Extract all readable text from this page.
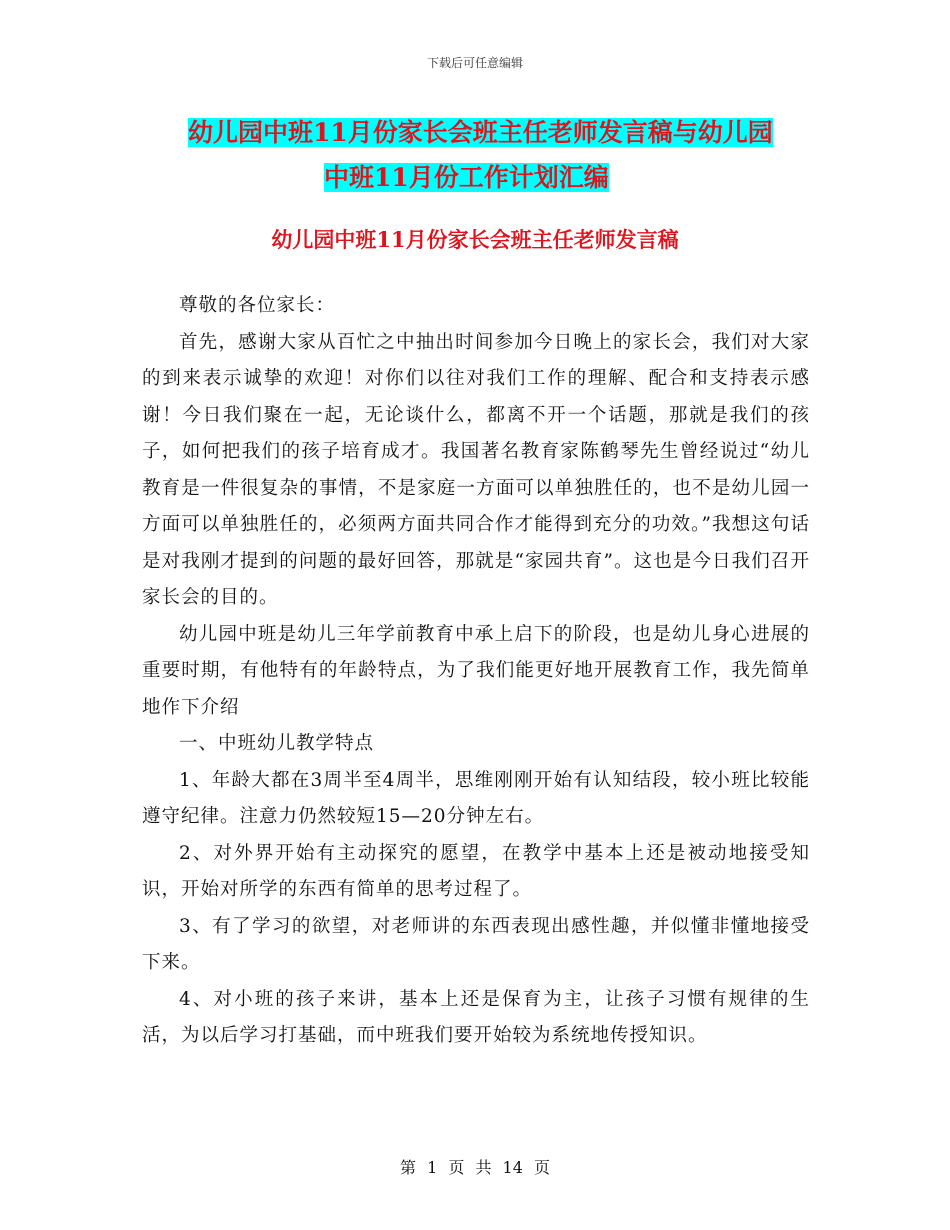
下载后可任意编辑
幼儿园中班11月份家长会班主任老师发言稿与幼儿园
中班11月份工作计划汇编
幼儿园中班11月份家长会班主任老师发言稿

尊敬的各位家长：

首先，感谢大家从百忙之中抽出时间参加今日晚上的家长会，我们对大家的到来表示诚挚的欢迎！对你们以往对我们工作的理解、配合和支持表示感谢！今日我们聚在一起，无论谈什么，都离不开一个话题，那就是我们的孩子，如何把我们的孩子培育成才。我国著名教育家陈鹤琴先生曾经说过“幼儿教育是一件很复杂的事情，不是家庭一方面可以单独胜任的，也不是幼儿园一方面可以单独胜任的，必须两方面共同合作才能得到充分的功效。”我想这句话是对我刚才提到的问题的最好回答，那就是“家园共育”。这也是今日我们召开家长会的目的。

幼儿园中班是幼儿三年学前教育中承上启下的阶段，也是幼儿身心进展的重要时期，有他特有的年龄特点，为了我们能更好地开展教育工作，我先简单地作下介绍

一、中班幼儿教学特点

1、年龄大都在3周半至4周半，思维刚刚开始有认知结段，较小班比较能遵守纪律。注意力仍然较短15—20分钟左右。

2、对外界开始有主动探究的愿望，在教学中基本上还是被动地接受知识，开始对所学的东西有简单的思考过程了。

3、有了学习的欲望，对老师讲的东西表现出感性趣，并似懂非懂地接受下来。

4、对小班的孩子来讲，基本上还是保育为主，让孩子习惯有规律的生活，为以后学习打基础，而中班我们要开始较为系统地传授知识。

第 1 页 共 14 页
